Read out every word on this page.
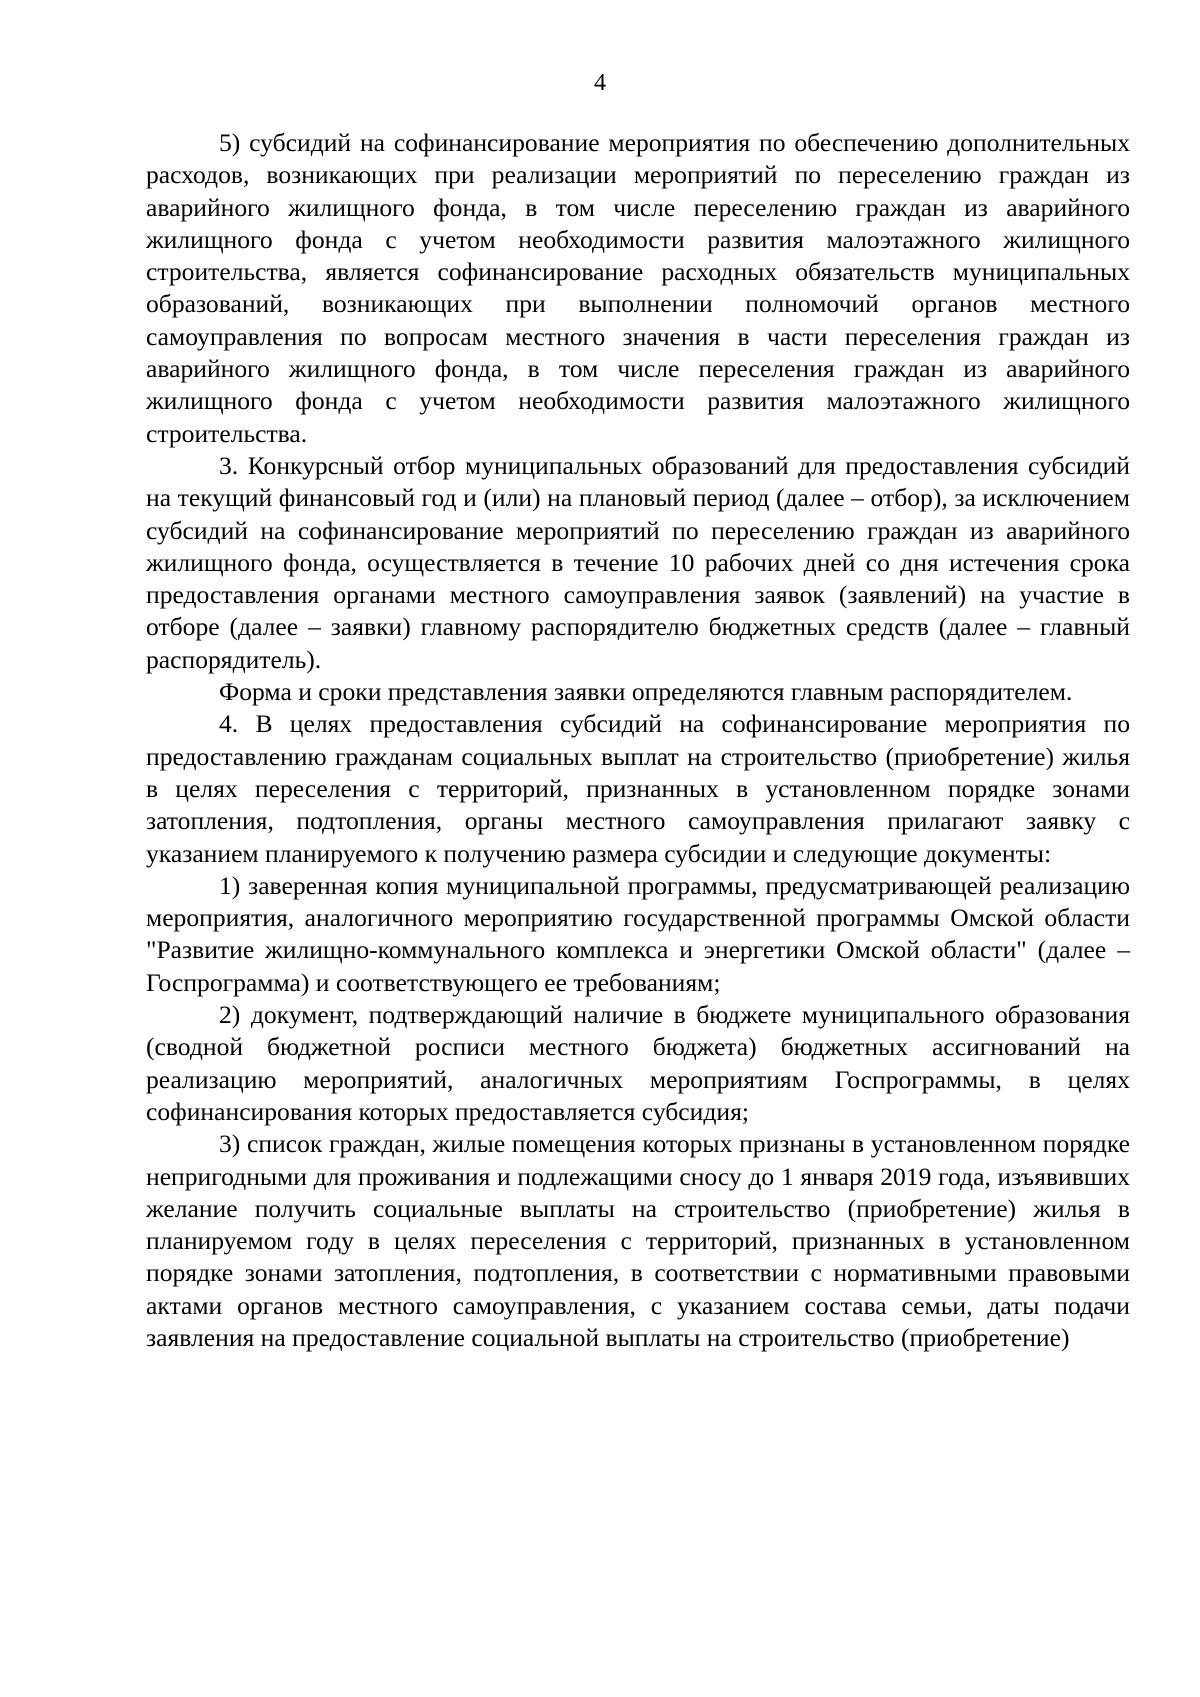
4

5) субсидий на софинансирование мероприятия по обеспечению дополнительных расходов, возникающих при реализации мероприятий по переселению граждан из аварийного жилищного фонда, в том числе переселению граждан из аварийного жилищного фонда с учетом необходимости развития малоэтажного жилищного строительства, является софинансирование расходных обязательств муниципальных образований, возникающих при выполнении полномочий органов местного самоуправления по вопросам местного значения в части переселения граждан из аварийного жилищного фонда, в том числе переселения граждан из аварийного жилищного фонда с учетом необходимости развития малоэтажного жилищного строительства.

3. Конкурсный отбор муниципальных образований для предоставления субсидий на текущий финансовый год и (или) на плановый период (далее – отбор), за исключением субсидий на софинансирование мероприятий по переселению граждан из аварийного жилищного фонда, осуществляется в течение 10 рабочих дней со дня истечения срока предоставления органами местного самоуправления заявок (заявлений) на участие в отборе (далее – заявки) главному распорядителю бюджетных средств (далее – главный распорядитель).

Форма и сроки представления заявки определяются главным распорядителем.

4. В целях предоставления субсидий на софинансирование мероприятия по предоставлению гражданам социальных выплат на строительство (приобретение) жилья в целях переселения с территорий, признанных в установленном порядке зонами затопления, подтопления, органы местного самоуправления прилагают заявку с указанием планируемого к получению размера субсидии и следующие документы:

1) заверенная копия муниципальной программы, предусматривающей реализацию мероприятия, аналогичного мероприятию государственной программы Омской области "Развитие жилищно-коммунального комплекса и энергетики Омской области" (далее – Госпрограмма) и соответствующего ее требованиям;

2) документ, подтверждающий наличие в бюджете муниципального образования (сводной бюджетной росписи местного бюджета) бюджетных ассигнований на реализацию мероприятий, аналогичных мероприятиям Госпрограммы, в целях софинансирования которых предоставляется субсидия;

3) список граждан, жилые помещения которых признаны в установленном порядке непригодными для проживания и подлежащими сносу до 1 января 2019 года, изъявивших желание получить социальные выплаты на строительство (приобретение) жилья в планируемом году в целях переселения с территорий, признанных в установленном порядке зонами затопления, подтопления, в соответствии с нормативными правовыми актами органов местного самоуправления, с указанием состава семьи, даты подачи заявления на предоставление социальной выплаты на строительство (приобретение)
